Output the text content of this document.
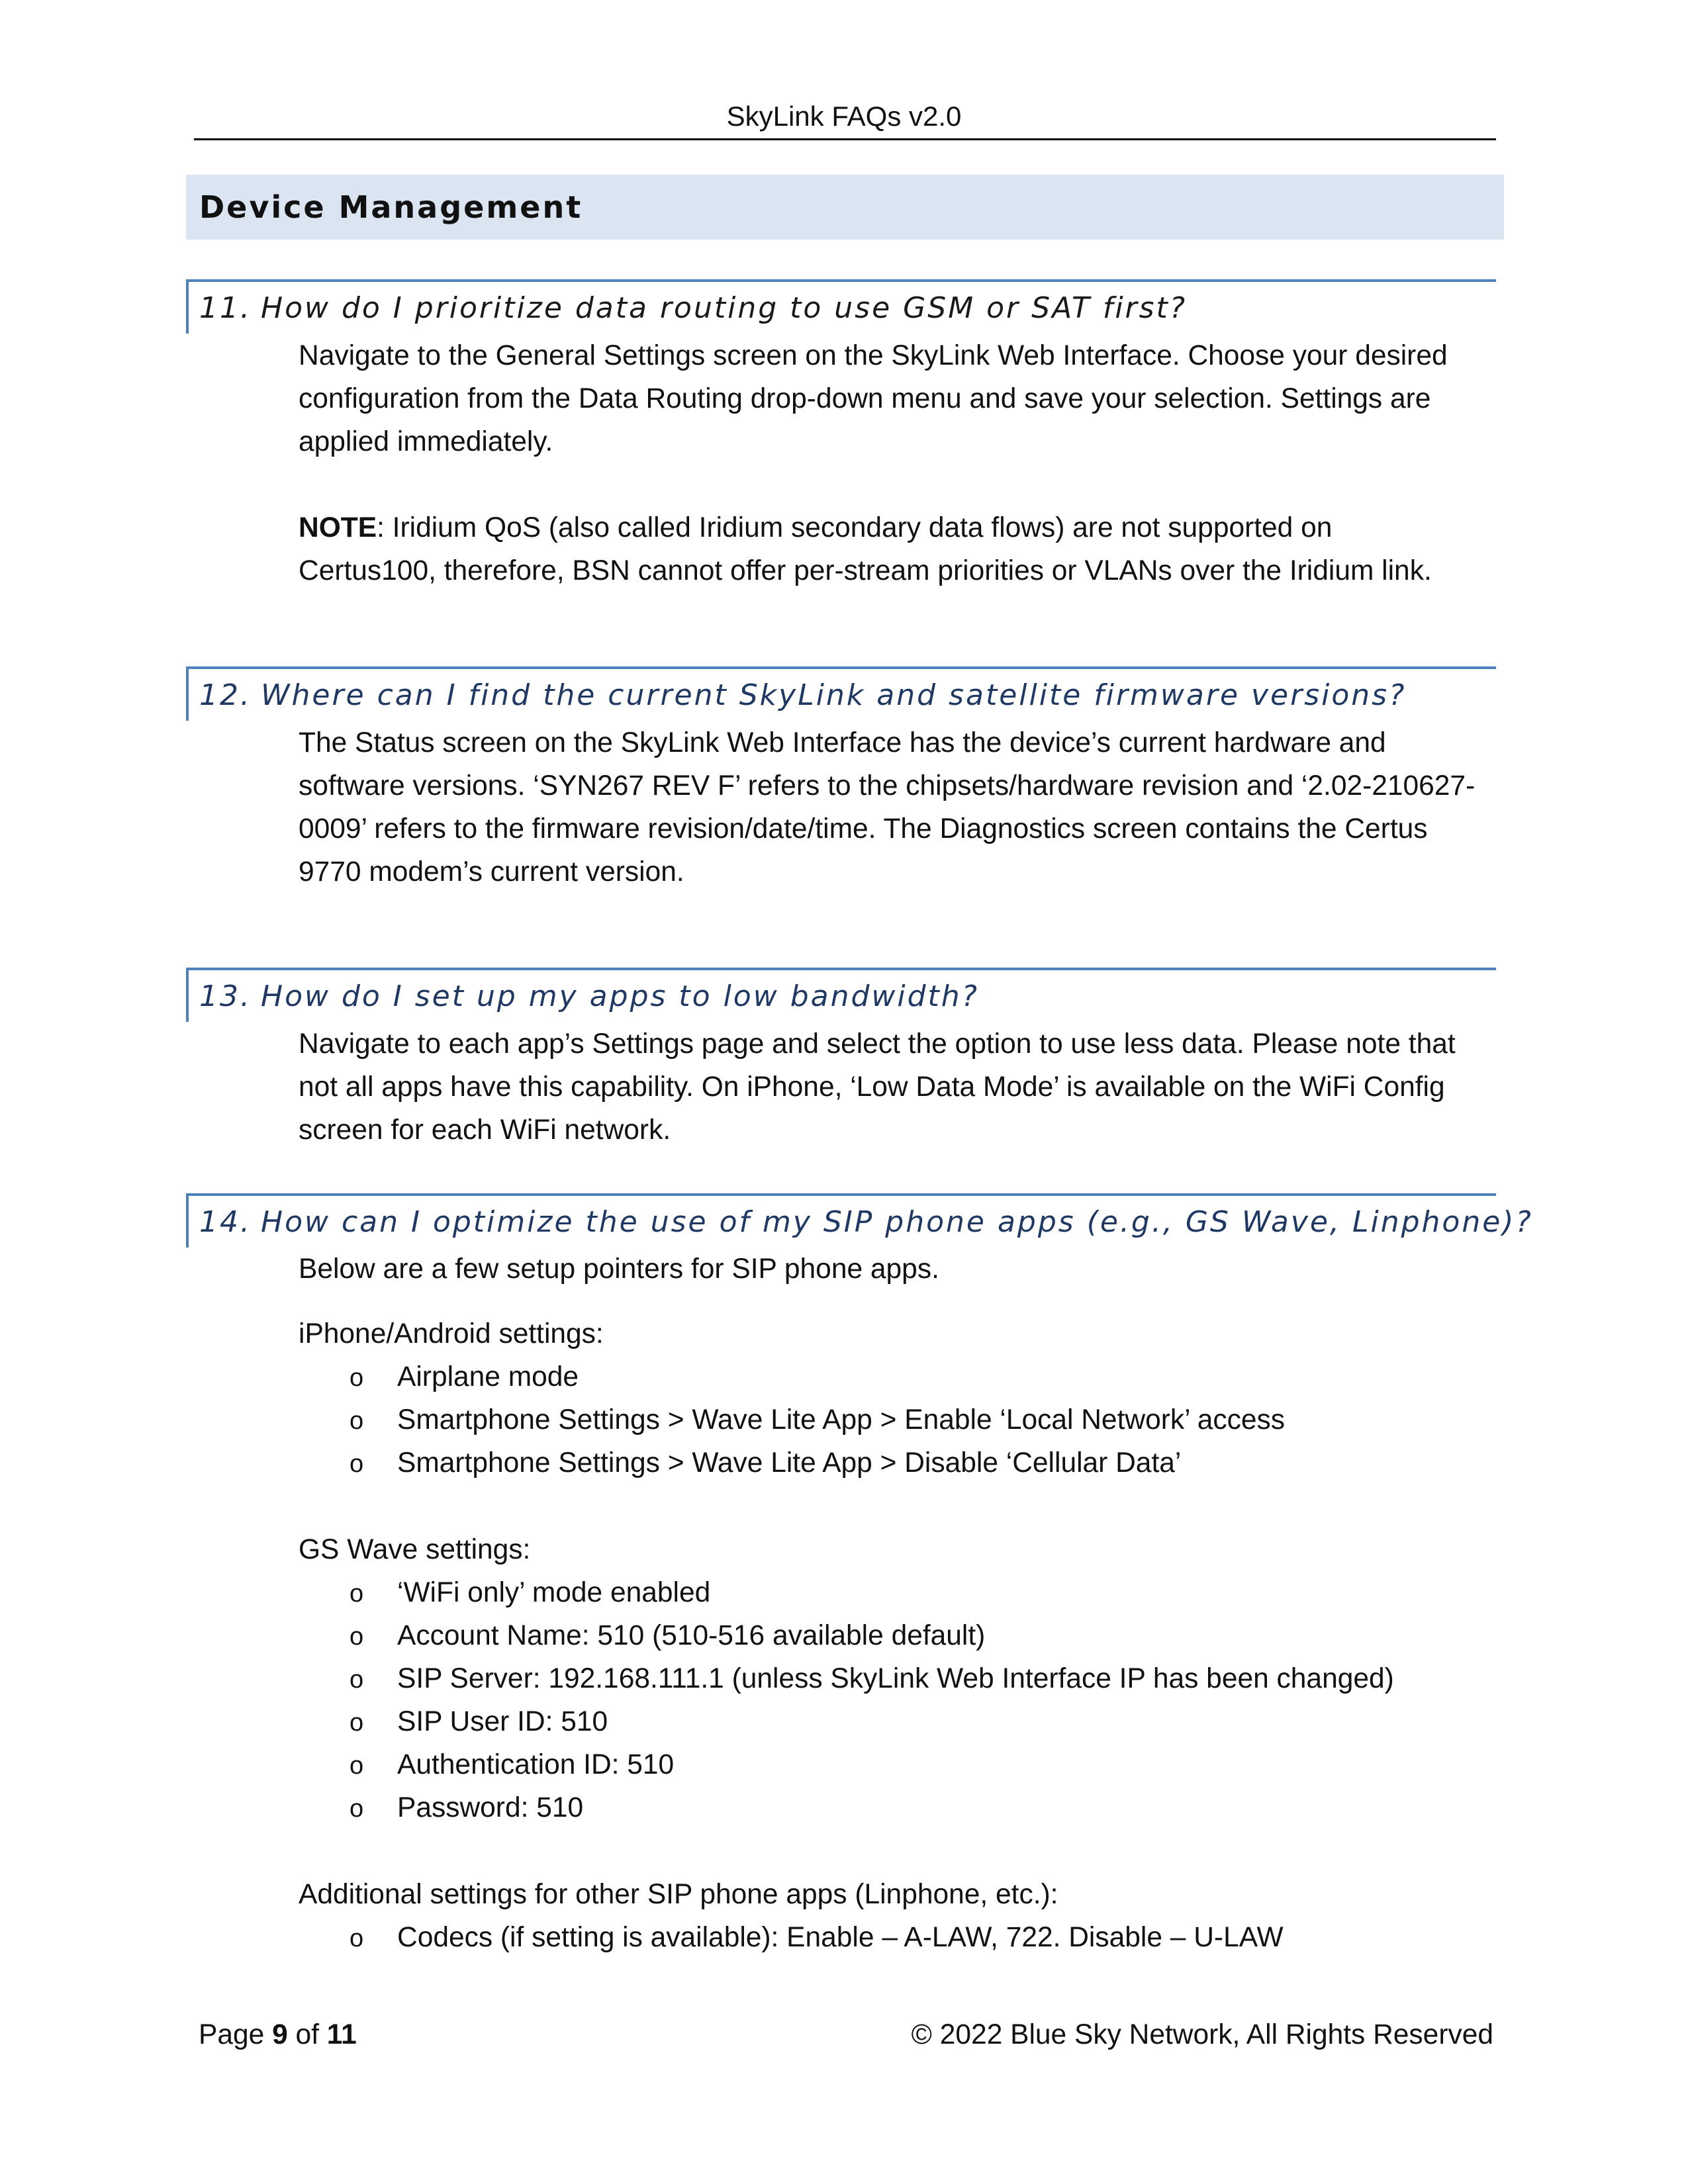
SkyLink FAQs v2.0
Device Management
11. How do I prioritize data routing to use GSM or SAT first?

Navigate to the General Settings screen on the SkyLink Web Interface. Choose your desired

configuration from the Data Routing drop-down menu and save your selection. Settings are

applied immediately.

NOTE: Iridium QoS (also called Iridium secondary data flows) are not supported on

Certus100, therefore, BSN cannot offer per-stream priorities or VLANs over the Iridium link.

12. Where can I find the current SkyLink and satellite firmware versions?

The Status screen on the SkyLink Web Interface has the device’s current hardware and

software versions. ‘SYN267 REV F’ refers to the chipsets/hardware revision and ‘2.02-210627-

0009’ refers to the firmware revision/date/time. The Diagnostics screen contains the Certus

9770 modem’s current version.

13. How do I set up my apps to low bandwidth?

Navigate to each app’s Settings page and select the option to use less data. Please note that

not all apps have this capability. On iPhone, ‘Low Data Mode’ is available on the WiFi Config

screen for each WiFi network.

14. How can I optimize the use of my SIP phone apps (e.g., GS Wave, Linphone)?
Below are a few setup pointers for SIP phone apps.
iPhone/Android settings:
o Airplane mode
o Smartphone Settings > Wave Lite App > Enable ‘Local Network’ access
o Smartphone Settings > Wave Lite App > Disable ‘Cellular Data’
GS Wave settings:
o ‘WiFi only’ mode enabled
o Account Name: 510 (510-516 available default)
o SIP Server: 192.168.111.1 (unless SkyLink Web Interface IP has been changed)
o SIP User ID: 510
o Authentication ID: 510
o Password: 510
Additional settings for other SIP phone apps (Linphone, etc.):
o Codecs (if setting is available): Enable – A-LAW, 722. Disable – U-LAW
Page 9 of 11	© 2022 Blue Sky Network, All Rights Reserved
